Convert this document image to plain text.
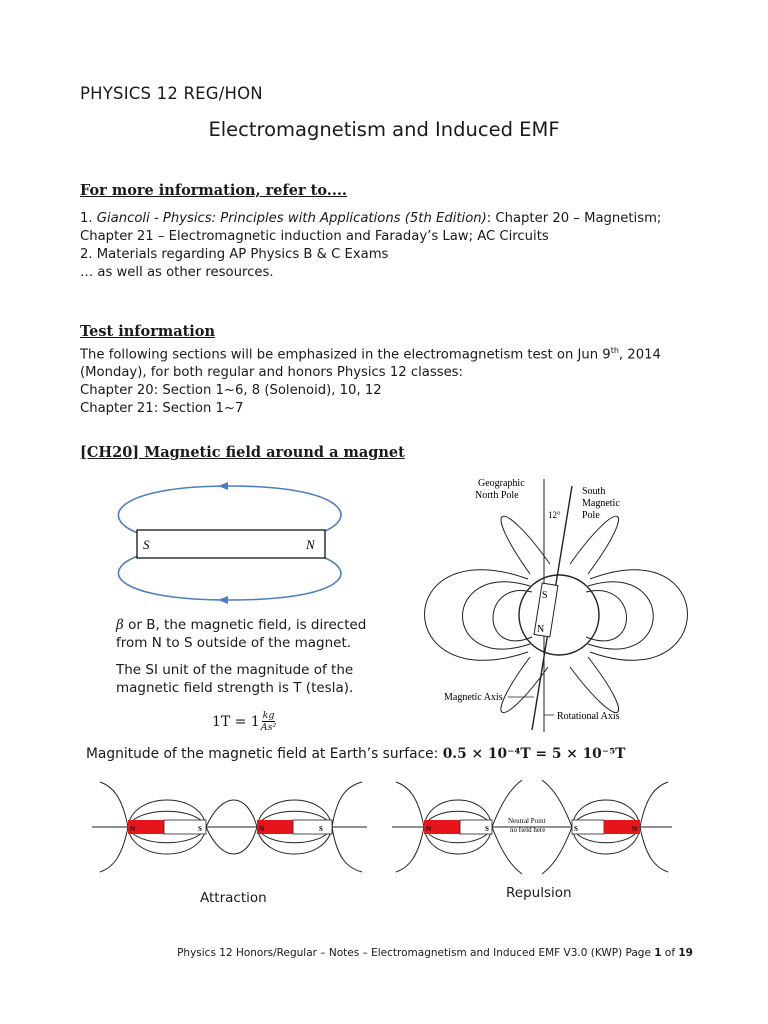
PHYSICS 12 REG/HON
Electromagnetism and Induced EMF
For more information, refer to....
1. Giancoli - Physics: Principles with Applications (5th Edition): Chapter 20 – Magnetism;
Chapter 21 – Electromagnetic induction and Faraday’s Law; AC Circuits
2. Materials regarding AP Physics B & C Exams
… as well as other resources.
Test information
The following sections will be emphasized in the electromagnetism test on Jun 9th, 2014
(Monday), for both regular and honors Physics 12 classes:
Chapter 20: Section 1~6, 8 (Solenoid), 10, 12
Chapter 21: Section 1~7
[CH20] Magnetic field around a magnet
S	N
β or B, the magnetic field, is directed
from N to S outside of the magnet.
The SI unit of the magnitude of the
magnetic field strength is T (tesla).
$1T = 1 \frac{kg}{\text{As²}}$
Magnitude of the magnetic field at Earth’s surface: 0.5 × 10⁻⁴T = 5 × 10⁻⁵T
S
N
Geographic
North Pole	South
Magnetic
Pole
12°
Magnetic Axis
Rotational Axis
N	S	N	S
Attraction
N	S	S	N
Neutral Point
no field here
Repulsion
Physics 12 Honors/Regular – Notes – Electromagnetism and Induced EMF V3.0 (KWP) Page 1 of 19
